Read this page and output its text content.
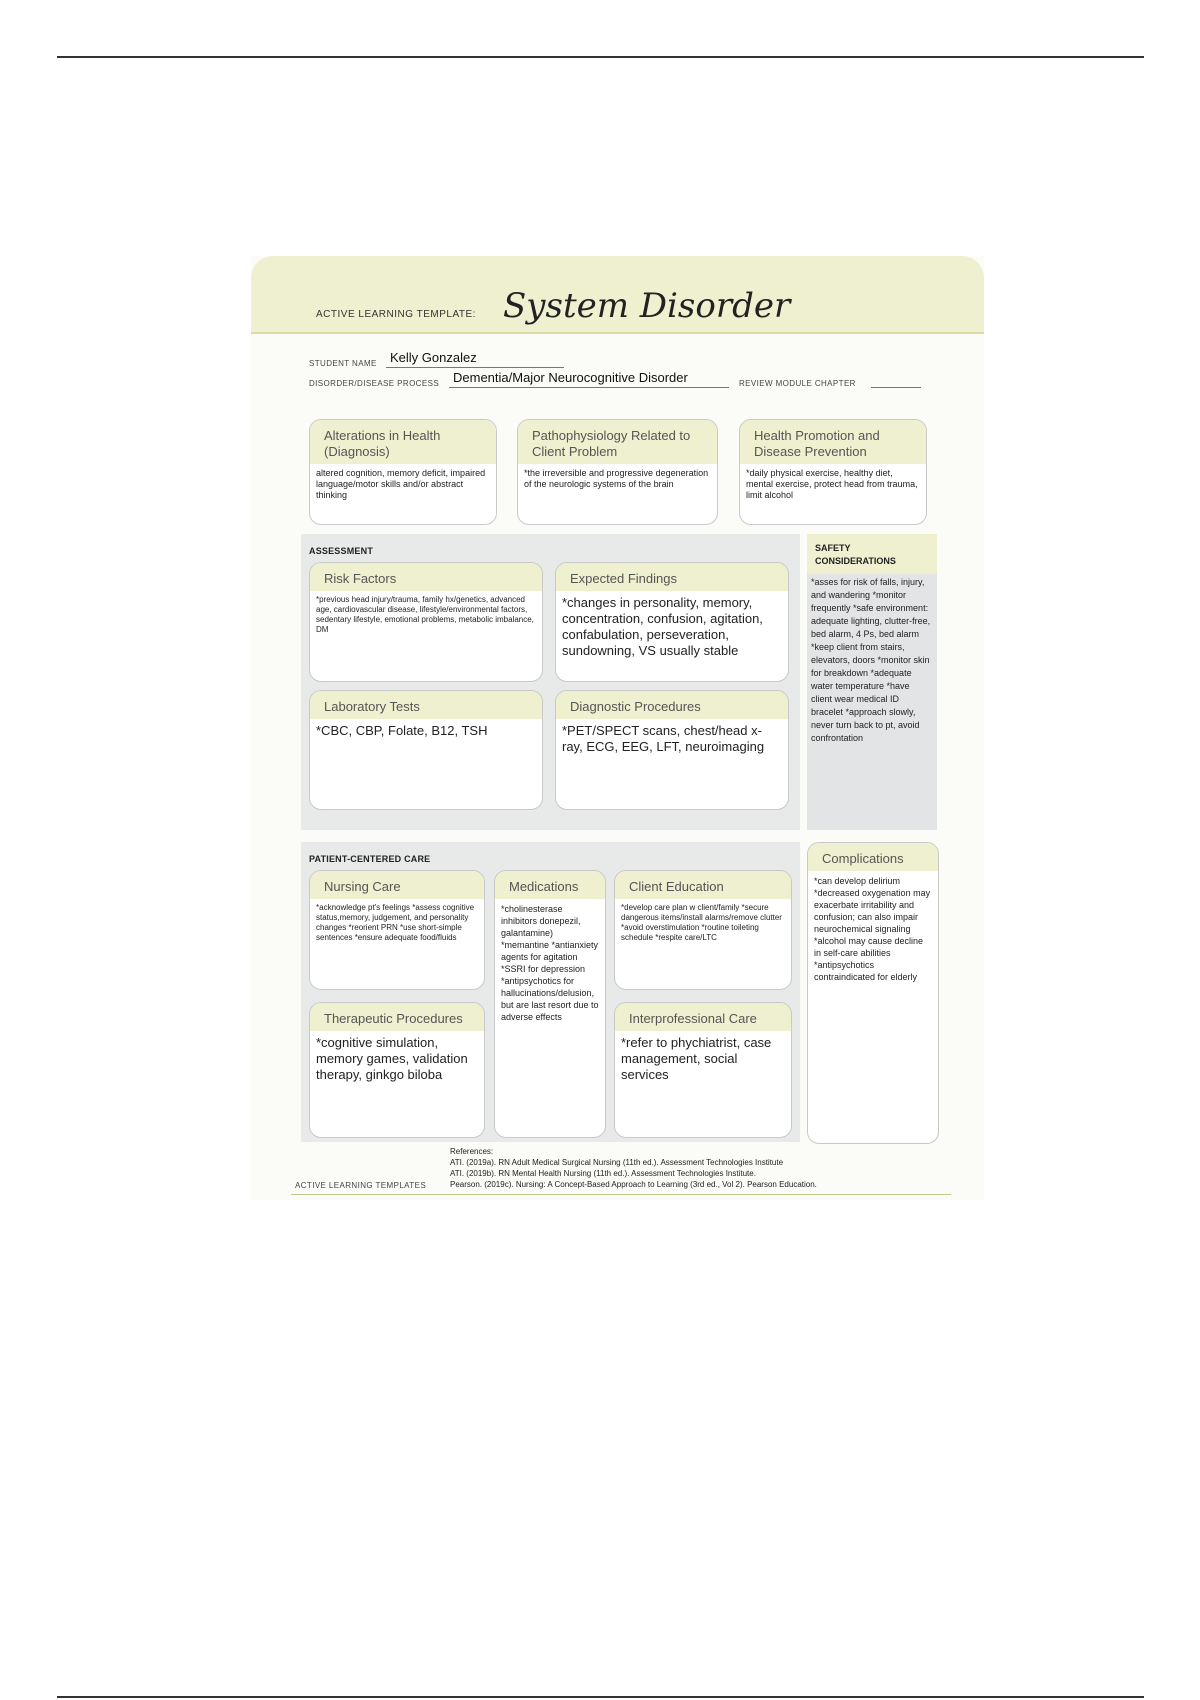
ACTIVE LEARNING TEMPLATE: System Disorder
STUDENT NAME Kelly Gonzalez
DISORDER/DISEASE PROCESS Dementia/Major Neurocognitive Disorder	REVIEW MODULE CHAPTER
Alterations in Health (Diagnosis)
altered cognition, memory deficit, impaired language/motor skills and/or abstract thinking
Pathophysiology Related to Client Problem
*the irreversible and progressive degeneration of the neurologic systems of the brain
Health Promotion and Disease Prevention
*daily physical exercise, healthy diet, mental exercise, protect head from trauma, limit alcohol
ASSESSMENT
Risk Factors
*previous head injury/trauma, family hx/genetics, advanced age, cardiovascular disease, lifestyle/environmental factors, sedentary lifestyle, emotional problems, metabolic imbalance, DM
Expected Findings
*changes in personality, memory, concentration, confusion, agitation, confabulation, perseveration, sundowning, VS usually stable
Laboratory Tests
*CBC, CBP, Folate, B12, TSH
Diagnostic Procedures
*PET/SPECT scans, chest/head x-ray, ECG, EEG, LFT, neuroimaging
SAFETY CONSIDERATIONS
*asses for risk of falls, injury, and wandering *monitor frequently *safe environment: adequate lighting, clutter-free, bed alarm, 4 Ps, bed alarm *keep client from stairs, elevators, doors *monitor skin for breakdown *adequate water temperature *have client wear medical ID bracelet *approach slowly, never turn back to pt, avoid confrontation
PATIENT-CENTERED CARE
Nursing Care
*acknowledge pt's feelings *assess cognitive status,memory, judgement, and personality changes *reorient PRN *use short-simple sentences *ensure adequate food/fluids
Medications
*cholinesterase inhibitors donepezil, galantamine) *memantine *antianxiety agents for agitation *SSRI for depression *antipsychotics for hallucinations/delusion, but are last resort due to adverse effects
Client Education
*develop care plan w client/family *secure dangerous items/install alarms/remove clutter *avoid overstimulation *routine toileting schedule *respite care/LTC
Therapeutic Procedures
*cognitive simulation, memory games, validation therapy, ginkgo biloba
Interprofessional Care
*refer to phychiatrist, case management, social services
Complications
*can develop delirium *decreased oxygenation may exacerbate irritability and confusion; can also impair neurochemical signaling *alcohol may cause decline in self-care abilities *antipsychotics contraindicated for elderly
References:
ATI. (2019a). RN Adult Medical Surgical Nursing (11th ed.). Assessment Technologies Institute
ATI. (2019b). RN Mental Health Nursing (11th ed.). Assessment Technologies Institute.
Pearson. (2019c). Nursing: A Concept-Based Approach to Learning (3rd ed., Vol 2). Pearson Education.
ACTIVE LEARNING TEMPLATES
